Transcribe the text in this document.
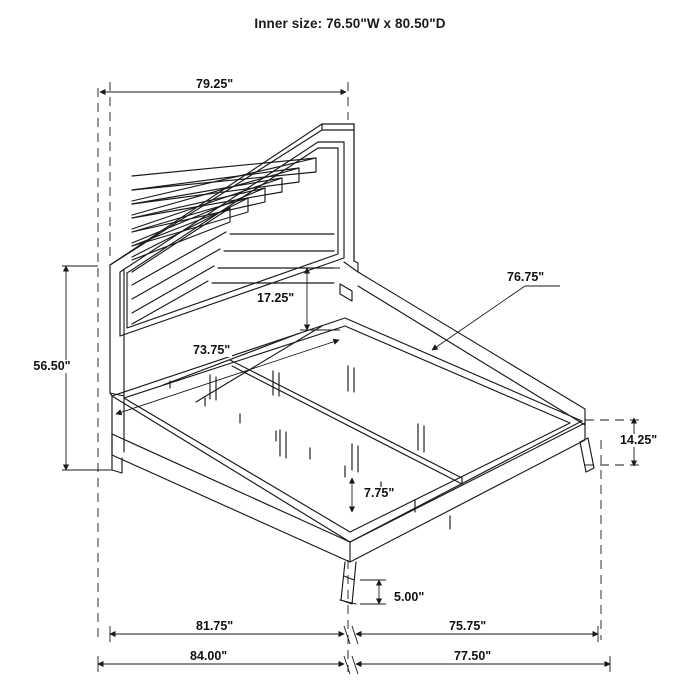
Inner size: 76.50"W x 80.50"D
79.25"
56.50"
17.25"
73.75"
76.75"
14.25"
7.75"
5.00"
81.75"	75.75"
84.00"	77.50"
